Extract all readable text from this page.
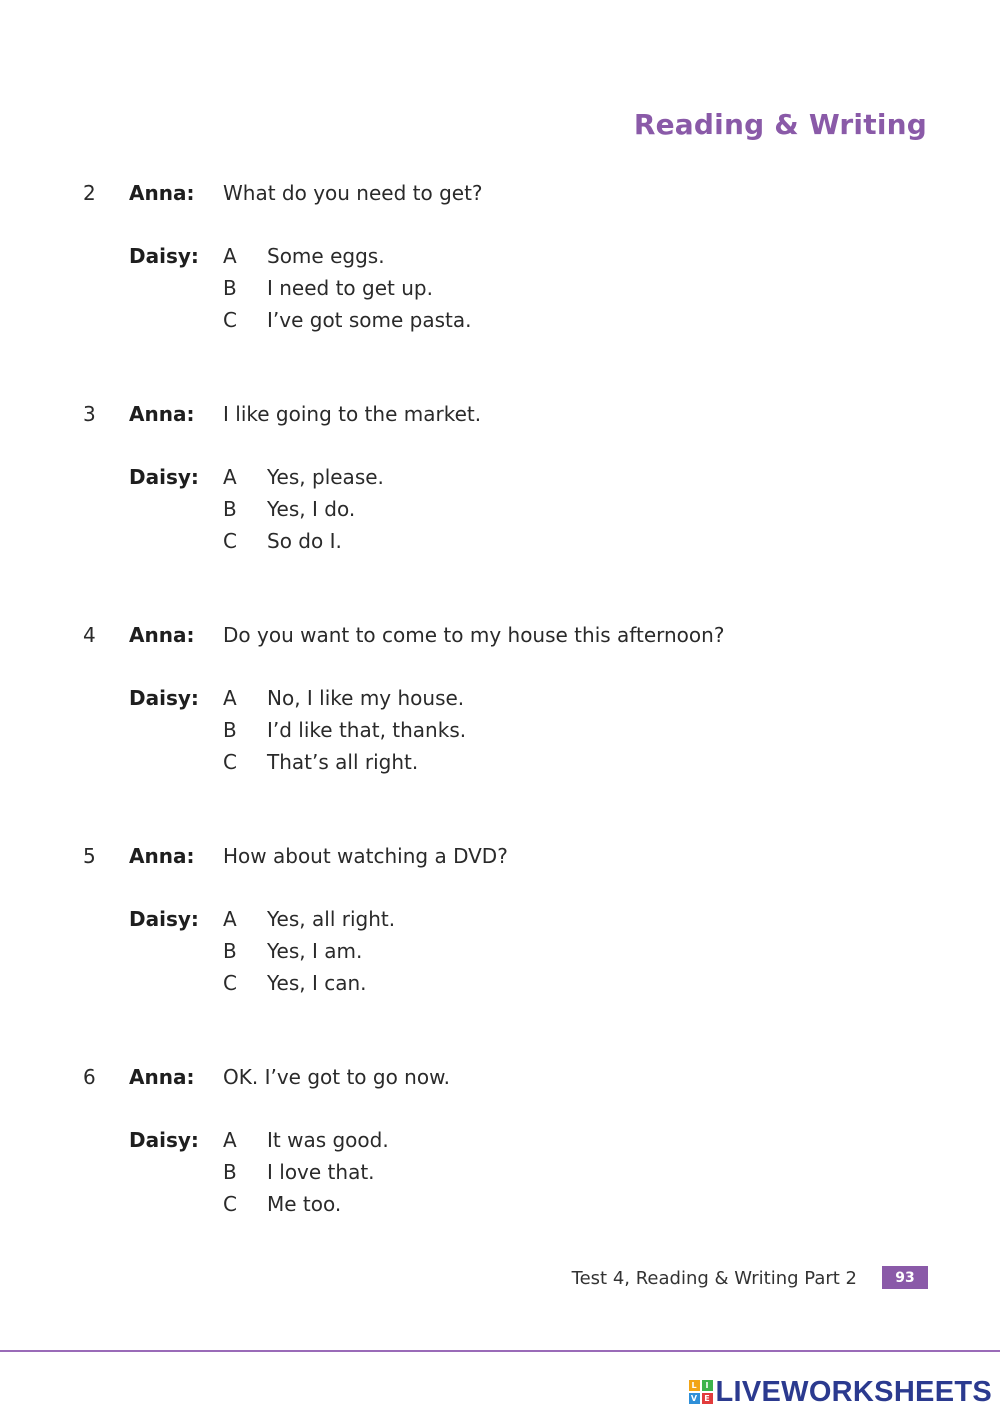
Reading & Writing
2 Anna: What do you need to get?
Daisy: A Some eggs.
B I need to get up.
C I’ve got some pasta.
3 Anna: I like going to the market.
Daisy: A Yes, please.
B Yes, I do.
C So do I.
4 Anna: Do you want to come to my house this afternoon?
Daisy: A No, I like my house.
B I’d like that, thanks.
C That’s all right.
5 Anna: How about watching a DVD?
Daisy: A Yes, all right.
B Yes, I am.
C Yes, I can.
6 Anna: OK. I’ve got to go now.
Daisy: A It was good.
B I love that.
C Me too.
Test 4, Reading & Writing Part 2	93
L	I
V E LIVEWORKSHEETS
